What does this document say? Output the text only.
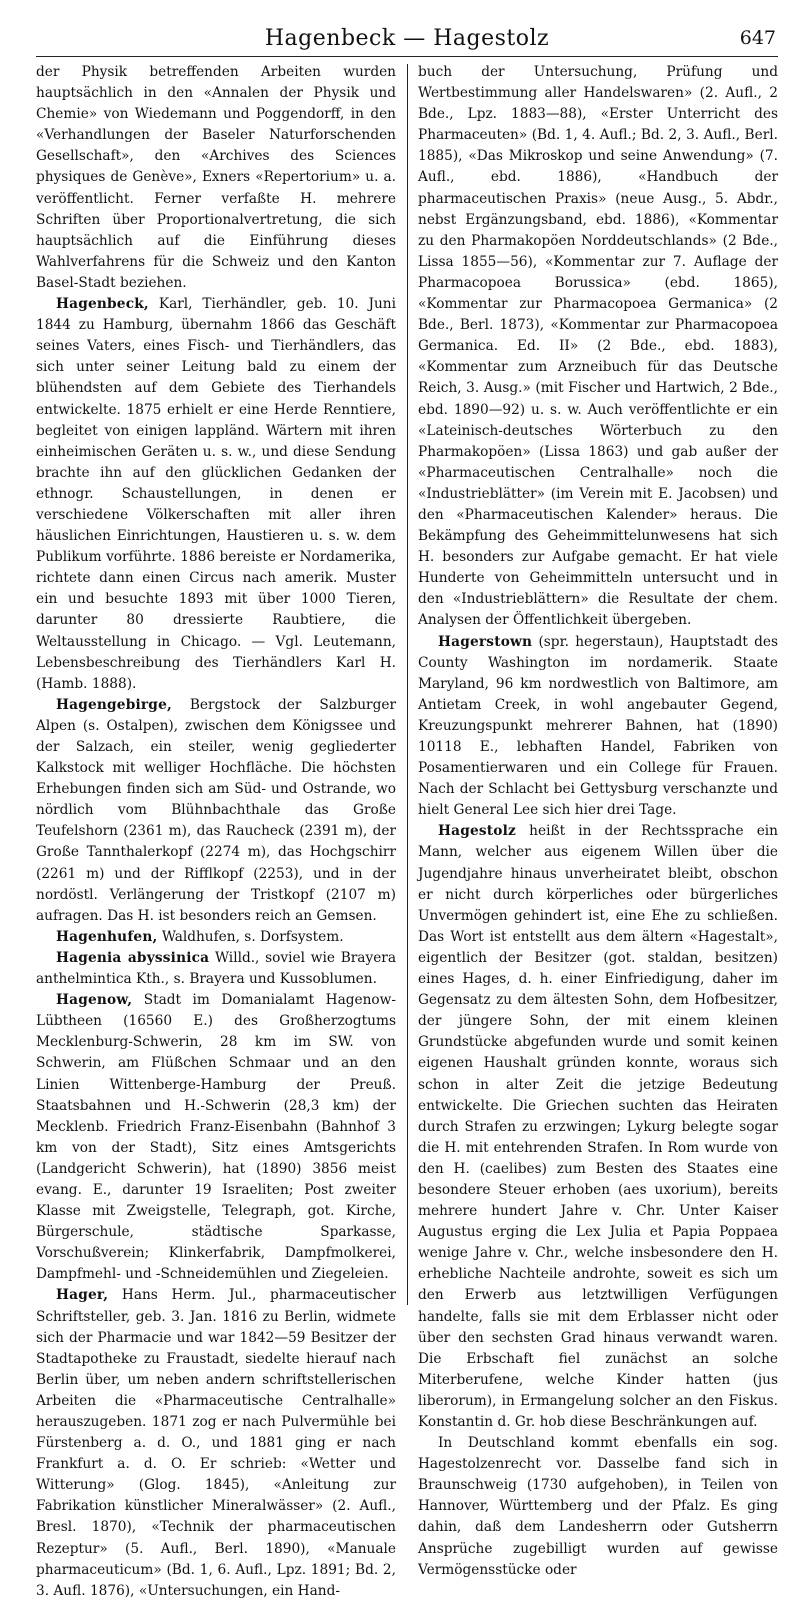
Hagenbeck — Hagestolz	647

der Physik betreffenden Arbeiten wurden hauptsächlich in den «Annalen der Physik und Chemie» von Wiedemann und Poggendorff, in den «Verhandlungen der Baseler Naturforschenden Gesellschaft», den «Archives des Sciences physiques de Genève», Exners «Repertorium» u. a. veröffentlicht. Ferner verfaßte H. mehrere Schriften über Proportionalvertretung, die sich hauptsächlich auf die Einführung dieses Wahlverfahrens für die Schweiz und den Kanton Basel-Stadt beziehen.

Hagenbeck, Karl, Tierhändler, geb. 10. Juni 1844 zu Hamburg, übernahm 1866 das Geschäft seines Vaters, eines Fisch- und Tierhändlers, das sich unter seiner Leitung bald zu einem der blühendsten auf dem Gebiete des Tierhandels entwickelte. 1875 erhielt er eine Herde Renntiere, begleitet von einigen lappländ. Wärtern mit ihren einheimischen Geräten u. s. w., und diese Sendung brachte ihn auf den glücklichen Gedanken der ethnogr. Schaustellungen, in denen er verschiedene Völkerschaften mit aller ihren häuslichen Einrichtungen, Haustieren u. s. w. dem Publikum vorführte. 1886 bereiste er Nordamerika, richtete dann einen Circus nach amerik. Muster ein und besuchte 1893 mit über 1000 Tieren, darunter 80 dressierte Raubtiere, die Weltausstellung in Chicago. — Vgl. Leutemann, Lebensbeschreibung des Tierhändlers Karl H. (Hamb. 1888).

Hagengebirge, Bergstock der Salzburger Alpen (s. Ostalpen), zwischen dem Königssee und der Salzach, ein steiler, wenig gegliederter Kalkstock mit welliger Hochfläche. Die höchsten Erhebungen finden sich am Süd- und Ostrande, wo nördlich vom Blühnbachthale das Große Teufelshorn (2361 m), das Raucheck (2391 m), der Große Tannthalerkopf (2274 m), das Hochgschirr (2261 m) und der Rifflkopf (2253), und in der nordöstl. Verlängerung der Tristkopf (2107 m) aufragen. Das H. ist besonders reich an Gemsen.

Hagenhufen, Waldhufen, s. Dorfsystem.

Hagenia abyssinica Willd., soviel wie Brayera anthelmintica Kth., s. Brayera und Kussoblumen.

Hagenow, Stadt im Domanialamt Hagenow-Lübtheen (16560 E.) des Großherzogtums Mecklenburg-Schwerin, 28 km im SW. von Schwerin, am Flüßchen Schmaar und an den Linien Wittenberge-Hamburg der Preuß. Staatsbahnen und H.-Schwerin (28,3 km) der Mecklenb. Friedrich Franz-Eisenbahn (Bahnhof 3 km von der Stadt), Sitz eines Amtsgerichts (Landgericht Schwerin), hat (1890) 3856 meist evang. E., darunter 19 Israeliten; Post zweiter Klasse mit Zweigstelle, Telegraph, got. Kirche, Bürgerschule, städtische Sparkasse, Vorschußverein; Klinkerfabrik, Dampfmolkerei, Dampfmehl- und -Schneidemühlen und Ziegeleien.

Hager, Hans Herm. Jul., pharmaceutischer Schriftsteller, geb. 3. Jan. 1816 zu Berlin, widmete sich der Pharmacie und war 1842—59 Besitzer der Stadtapotheke zu Fraustadt, siedelte hierauf nach Berlin über, um neben andern schriftstellerischen Arbeiten die «Pharmaceutische Centralhalle» herauszugeben. 1871 zog er nach Pulvermühle bei Fürstenberg a. d. O., und 1881 ging er nach Frankfurt a. d. O. Er schrieb: «Wetter und Witterung» (Glog. 1845), «Anleitung zur Fabrikation künstlicher Mineralwässer» (2. Aufl., Bresl. 1870), «Technik der pharmaceutischen Rezeptur» (5. Aufl., Berl. 1890), «Manuale pharmaceuticum» (Bd. 1, 6. Aufl., Lpz. 1891; Bd. 2, 3. Aufl. 1876), «Untersuchungen, ein Hand-

buch der Untersuchung, Prüfung und Wertbestimmung aller Handelswaren» (2. Aufl., 2 Bde., Lpz. 1883—88), «Erster Unterricht des Pharmaceuten» (Bd. 1, 4. Aufl.; Bd. 2, 3. Aufl., Berl. 1885), «Das Mikroskop und seine Anwendung» (7. Aufl., ebd. 1886), «Handbuch der pharmaceutischen Praxis» (neue Ausg., 5. Abdr., nebst Ergänzungsband, ebd. 1886), «Kommentar zu den Pharmakopöen Norddeutschlands» (2 Bde., Lissa 1855—56), «Kommentar zur 7. Auflage der Pharmacopoea Borussica» (ebd. 1865), «Kommentar zur Pharmacopoea Germanica» (2 Bde., Berl. 1873), «Kommentar zur Pharmacopoea Germanica. Ed. II» (2 Bde., ebd. 1883), «Kommentar zum Arzneibuch für das Deutsche Reich, 3. Ausg.» (mit Fischer und Hartwich, 2 Bde., ebd. 1890—92) u. s. w. Auch veröffentlichte er ein «Lateinisch-deutsches Wörterbuch zu den Pharmakopöen» (Lissa 1863) und gab außer der «Pharmaceutischen Centralhalle» noch die «Industrieblätter» (im Verein mit E. Jacobsen) und den «Pharmaceutischen Kalender» heraus. Die Bekämpfung des Geheimmittelunwesens hat sich H. besonders zur Aufgabe gemacht. Er hat viele Hunderte von Geheimmitteln untersucht und in den «Industrieblättern» die Resultate der chem. Analysen der Öffentlichkeit übergeben.

Hagerstown (spr. hegerstaun), Hauptstadt des County Washington im nordamerik. Staate Maryland, 96 km nordwestlich von Baltimore, am Antietam Creek, in wohl angebauter Gegend, Kreuzungspunkt mehrerer Bahnen, hat (1890) 10118 E., lebhaften Handel, Fabriken von Posamentierwaren und ein College für Frauen. Nach der Schlacht bei Gettysburg verschanzte und hielt General Lee sich hier drei Tage.

Hagestolz heißt in der Rechtssprache ein Mann, welcher aus eigenem Willen über die Jugendjahre hinaus unverheiratet bleibt, obschon er nicht durch körperliches oder bürgerliches Unvermögen gehindert ist, eine Ehe zu schließen. Das Wort ist entstellt aus dem ältern «Hagestalt», eigentlich der Besitzer (got. staldan, besitzen) eines Hages, d. h. einer Einfriedigung, daher im Gegensatz zu dem ältesten Sohn, dem Hofbesitzer, der jüngere Sohn, der mit einem kleinen Grundstücke abgefunden wurde und somit keinen eigenen Haushalt gründen konnte, woraus sich schon in alter Zeit die jetzige Bedeutung entwickelte. Die Griechen suchten das Heiraten durch Strafen zu erzwingen; Lykurg belegte sogar die H. mit entehrenden Strafen. In Rom wurde von den H. (caelibes) zum Besten des Staates eine besondere Steuer erhoben (aes uxorium), bereits mehrere hundert Jahre v. Chr. Unter Kaiser Augustus erging die Lex Julia et Papia Poppaea wenige Jahre v. Chr., welche insbesondere den H. erhebliche Nachteile androhte, soweit es sich um den Erwerb aus letztwilligen Verfügungen handelte, falls sie mit dem Erblasser nicht oder über den sechsten Grad hinaus verwandt waren. Die Erbschaft fiel zunächst an solche Miterberufene, welche Kinder hatten (jus liberorum), in Ermangelung solcher an den Fiskus. Konstantin d. Gr. hob diese Beschränkungen auf.

In Deutschland kommt ebenfalls ein sog. Hagestolzenrecht vor. Dasselbe fand sich in Braunschweig (1730 aufgehoben), in Teilen von Hannover, Württemberg und der Pfalz. Es ging dahin, daß dem Landesherrn oder Gutsherrn Ansprüche zugebilligt wurden auf gewisse Vermögensstücke oder
